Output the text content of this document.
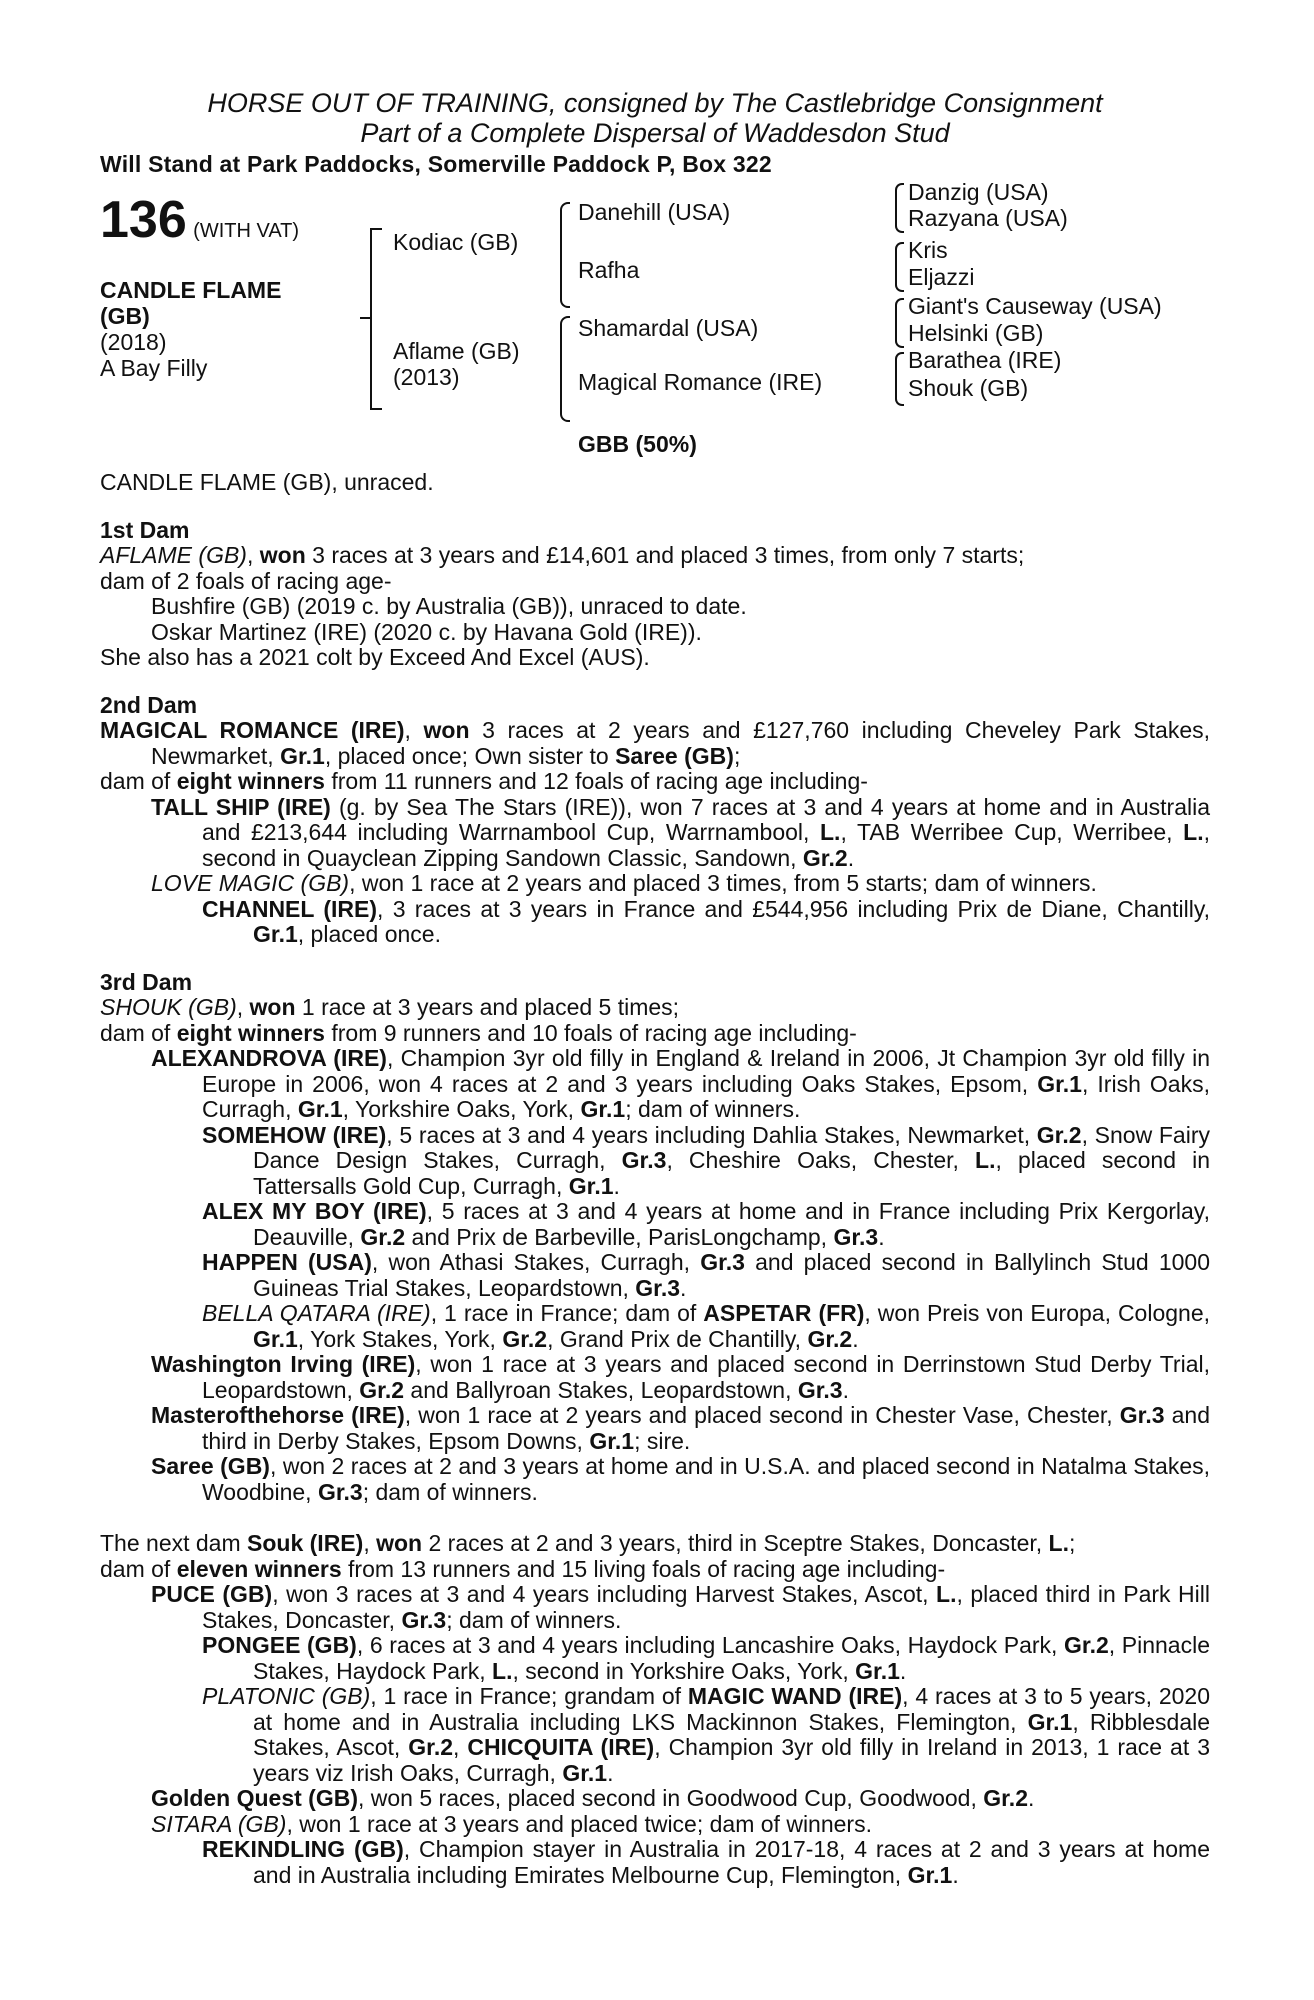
HORSE OUT OF TRAINING, consigned by The Castlebridge Consignment
Part of a Complete Dispersal of Waddesdon Stud
Will Stand at Park Paddocks, Somerville Paddock P, Box 322
136 (WITH VAT)
CANDLE FLAME
(GB)
(2018)
A Bay Filly
Kodiac (GB)
Aflame (GB)
(2013)
Danehill (USA)
Rafha
Shamardal (USA)
Magical Romance (IRE)
Danzig (USA)
Razyana (USA)
Kris
Eljazzi
Giant's Causeway (USA)
Helsinki (GB)
Barathea (IRE)
Shouk (GB)
GBB (50%)

CANDLE FLAME (GB), unraced.

1st Dam

AFLAME (GB), won 3 races at 3 years and £14,601 and placed 3 times, from only 7 starts;

dam of 2 foals of racing age-

Bushfire (GB) (2019 c. by Australia (GB)), unraced to date.

Oskar Martinez (IRE) (2020 c. by Havana Gold (IRE)).

She also has a 2021 colt by Exceed And Excel (AUS).

2nd Dam

MAGICAL ROMANCE (IRE), won 3 races at 2 years and £127,760 including Cheveley Park Stakes, Newmarket, Gr.1, placed once; Own sister to Saree (GB);

dam of eight winners from 11 runners and 12 foals of racing age including-

TALL SHIP (IRE) (g. by Sea The Stars (IRE)), won 7 races at 3 and 4 years at home and in Australia and £213,644 including Warrnambool Cup, Warrnambool, L., TAB Werribee Cup, Werribee, L., second in Quayclean Zipping Sandown Classic, Sandown, Gr.2.

LOVE MAGIC (GB), won 1 race at 2 years and placed 3 times, from 5 starts; dam of winners.

CHANNEL (IRE), 3 races at 3 years in France and £544,956 including Prix de Diane, Chantilly, Gr.1, placed once.

3rd Dam

SHOUK (GB), won 1 race at 3 years and placed 5 times;

dam of eight winners from 9 runners and 10 foals of racing age including-

ALEXANDROVA (IRE), Champion 3yr old filly in England & Ireland in 2006, Jt Champion 3yr old filly in Europe in 2006, won 4 races at 2 and 3 years including Oaks Stakes, Epsom, Gr.1, Irish Oaks, Curragh, Gr.1, Yorkshire Oaks, York, Gr.1; dam of winners.

SOMEHOW (IRE), 5 races at 3 and 4 years including Dahlia Stakes, Newmarket, Gr.2, Snow Fairy Dance Design Stakes, Curragh, Gr.3, Cheshire Oaks, Chester, L., placed second in Tattersalls Gold Cup, Curragh, Gr.1.

ALEX MY BOY (IRE), 5 races at 3 and 4 years at home and in France including Prix Kergorlay, Deauville, Gr.2 and Prix de Barbeville, ParisLongchamp, Gr.3.

HAPPEN (USA), won Athasi Stakes, Curragh, Gr.3 and placed second in Ballylinch Stud 1000 Guineas Trial Stakes, Leopardstown, Gr.3.

BELLA QATARA (IRE), 1 race in France; dam of ASPETAR (FR), won Preis von Europa, Cologne, Gr.1, York Stakes, York, Gr.2, Grand Prix de Chantilly, Gr.2.

Washington Irving (IRE), won 1 race at 3 years and placed second in Derrinstown Stud Derby Trial, Leopardstown, Gr.2 and Ballyroan Stakes, Leopardstown, Gr.3.

Masterofthehorse (IRE), won 1 race at 2 years and placed second in Chester Vase, Chester, Gr.3 and third in Derby Stakes, Epsom Downs, Gr.1; sire.

Saree (GB), won 2 races at 2 and 3 years at home and in U.S.A. and placed second in Natalma Stakes, Woodbine, Gr.3; dam of winners.

The next dam Souk (IRE), won 2 races at 2 and 3 years, third in Sceptre Stakes, Doncaster, L.;

dam of eleven winners from 13 runners and 15 living foals of racing age including-

PUCE (GB), won 3 races at 3 and 4 years including Harvest Stakes, Ascot, L., placed third in Park Hill Stakes, Doncaster, Gr.3; dam of winners.

PONGEE (GB), 6 races at 3 and 4 years including Lancashire Oaks, Haydock Park, Gr.2, Pinnacle Stakes, Haydock Park, L., second in Yorkshire Oaks, York, Gr.1.

PLATONIC (GB), 1 race in France; grandam of MAGIC WAND (IRE), 4 races at 3 to 5 years, 2020 at home and in Australia including LKS Mackinnon Stakes, Flemington, Gr.1, Ribblesdale Stakes, Ascot, Gr.2, CHICQUITA (IRE), Champion 3yr old filly in Ireland in 2013, 1 race at 3 years viz Irish Oaks, Curragh, Gr.1.

Golden Quest (GB), won 5 races, placed second in Goodwood Cup, Goodwood, Gr.2.

SITARA (GB), won 1 race at 3 years and placed twice; dam of winners.

REKINDLING (GB), Champion stayer in Australia in 2017-18, 4 races at 2 and 3 years at home and in Australia including Emirates Melbourne Cup, Flemington, Gr.1.
